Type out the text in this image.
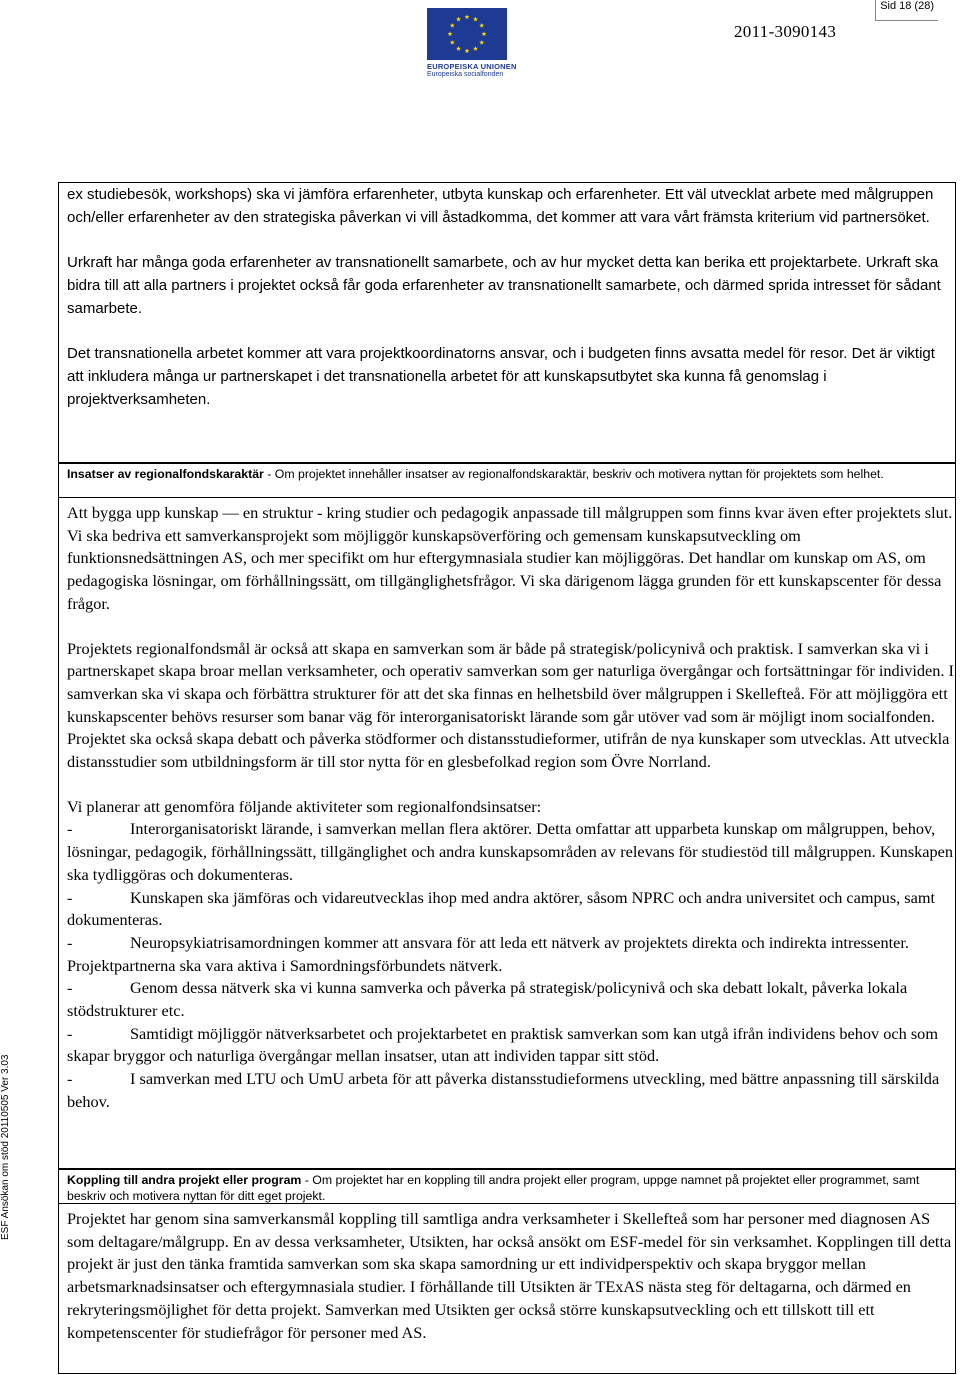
Sid 18 (28)
EUROPEISKA UNIONEN
Europeiska socialfonden
2011-3090143
ESF Ansökan om stöd 20110505 Ver 3.03

ex studiebesök, workshops) ska vi jämföra erfarenheter, utbyta kunskap och erfarenheter. Ett väl utvecklat arbete med målgruppen och/eller erfarenheter av den strategiska påverkan vi vill åstadkomma, det kommer att vara vårt främsta kriterium vid partnersöket.

Urkraft har många goda erfarenheter av transnationellt samarbete, och av hur mycket detta kan berika ett projektarbete. Urkraft ska bidra till att alla partners i projektet också får goda erfarenheter av transnationellt samarbete, och därmed sprida intresset för sådant samarbete.

Det transnationella arbetet kommer att vara projektkoordinatorns ansvar, och i budgeten finns avsatta medel för resor. Det är viktigt att inkludera många ur partnerskapet i det transnationella arbetet för att kunskapsutbytet ska kunna få genomslag i projektverksamheten.

Insatser av regionalfondskaraktär - Om projektet innehåller insatser av regionalfondskaraktär, beskriv och motivera nyttan för projektets som helhet.

Att bygga upp kunskap — en struktur - kring studier och pedagogik anpassade till målgruppen som finns kvar även efter projektets slut. Vi ska bedriva ett samverkansprojekt som möjliggör kunskapsöverföring och gemensam kunskapsutveckling om funktionsnedsättningen AS, och mer specifikt om hur eftergymnasiala studier kan möjliggöras. Det handlar om kunskap om AS, om pedagogiska lösningar, om förhållningssätt, om tillgänglighetsfrågor. Vi ska därigenom lägga grunden för ett kunskapscenter för dessa frågor.

Projektets regionalfondsmål är också att skapa en samverkan som är både på strategisk/policynivå och praktisk. I samverkan ska vi i partnerskapet skapa broar mellan verksamheter, och operativ samverkan som ger naturliga övergångar och fortsättningar för individen. I samverkan ska vi skapa och förbättra strukturer för att det ska finnas en helhetsbild över målgruppen i Skellefteå. För att möjliggöra ett kunskapscenter behövs resurser som banar väg för interorganisatoriskt lärande som går utöver vad som är möjligt inom socialfonden. Projektet ska också skapa debatt och påverka stödformer och distansstudieformer, utifrån de nya kunskaper som utvecklas. Att utveckla distansstudier som utbildningsform är till stor nytta för en glesbefolkad region som Övre Norrland.

Vi planerar att genomföra följande aktiviteter som regionalfondsinsatser:

-	Interorganisatoriskt lärande, i samverkan mellan flera aktörer. Detta omfattar att upparbeta kunskap om målgruppen, behov, lösningar, pedagogik, förhållningssätt, tillgänglighet och andra kunskapsområden av relevans för studiestöd till målgruppen. Kunskapen ska tydliggöras och dokumenteras.
-	Kunskapen ska jämföras och vidareutvecklas ihop med andra aktörer, såsom NPRC och andra universitet och campus, samt dokumenteras.
-	Neuropsykiatrisamordningen kommer att ansvara för att leda ett nätverk av projektets direkta och indirekta intressenter. Projektpartnerna ska vara aktiva i Samordningsförbundets nätverk.
-	Genom dessa nätverk ska vi kunna samverka och påverka på strategisk/policynivå och ska debatt lokalt, påverka lokala stödstrukturer etc.
-	Samtidigt möjliggör nätverksarbetet och projektarbetet en praktisk samverkan som kan utgå ifrån individens behov och som skapar bryggor och naturliga övergångar mellan insatser, utan att individen tappar sitt stöd.
-	I samverkan med LTU och UmU arbeta för att påverka distansstudieformens utveckling, med bättre anpassning till särskilda behov.
Koppling till andra projekt eller program - Om projektet har en koppling till andra projekt eller program, uppge namnet på projektet eller programmet, samt beskriv och motivera nyttan för ditt eget projekt.

Projektet har genom sina samverkansmål koppling till samtliga andra verksamheter i Skellefteå som har personer med diagnosen AS som deltagare/målgrupp. En av dessa verksamheter, Utsikten, har också ansökt om ESF-medel för sin verksamhet. Kopplingen till detta projekt är just den tänka framtida samverkan som ska skapa samordning ur ett individperspektiv och skapa bryggor mellan arbetsmarknadsinsatser och eftergymnasiala studier. I förhållande till Utsikten är TExAS nästa steg för deltagarna, och därmed en rekryteringsmöjlighet för detta projekt. Samverkan med Utsikten ger också större kunskapsutveckling och ett tillskott till ett kompetenscenter för studiefrågor för personer med AS.
